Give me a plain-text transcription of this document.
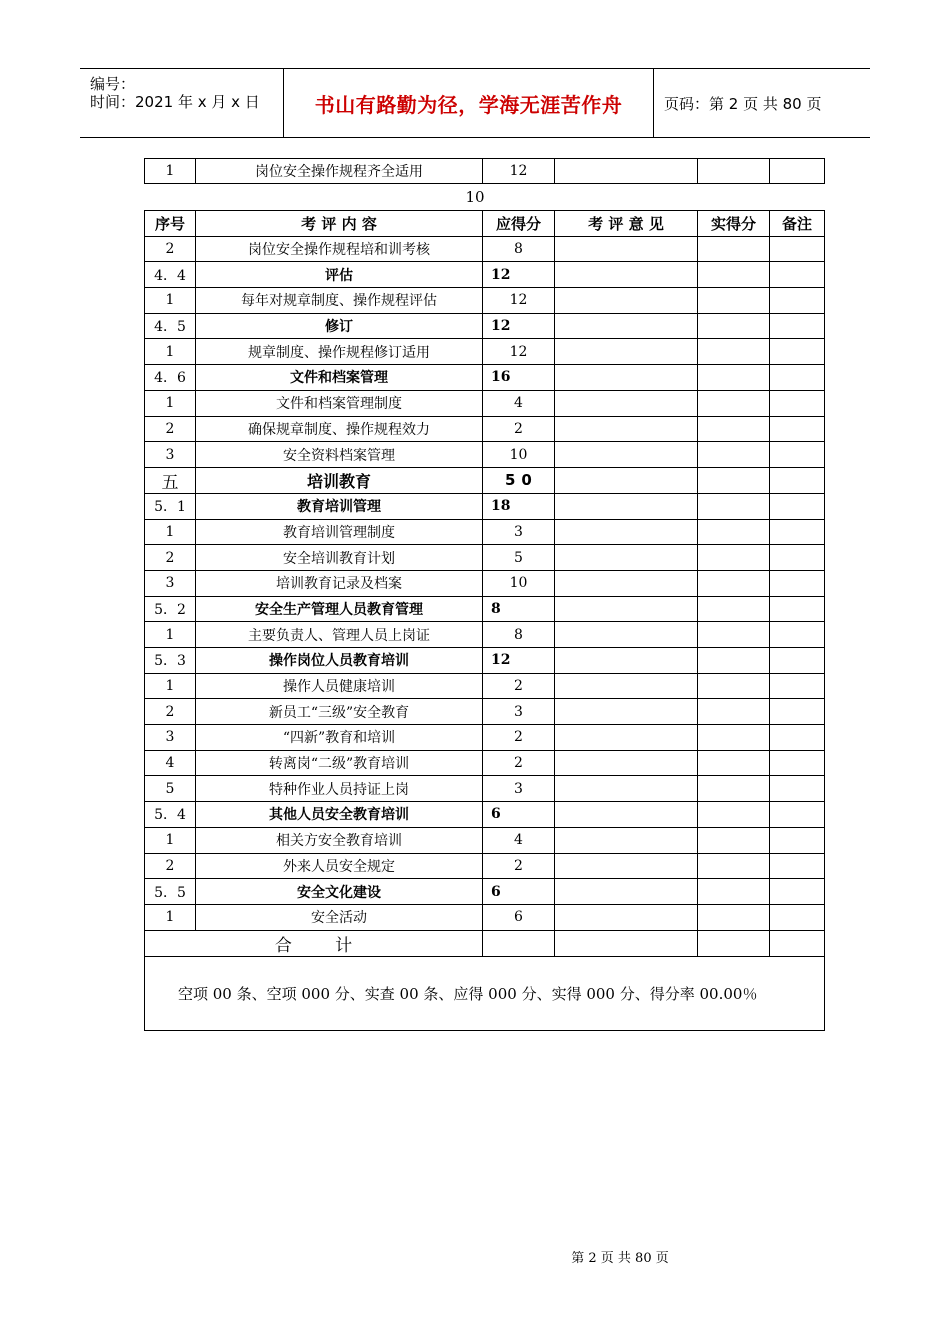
编号：
时间：2021 年 x 月 x 日	书山有路勤为径，学海无涯苦作舟	页码：第 2 页 共 80 页
1	岗位安全操作规程齐全适用	12			
10
序号	考 评 内 容	应得分	考 评 意 见	实得分	备注
2	岗位安全操作规程培和训考核	8			
4．4	评估	12			
1	每年对规章制度、操作规程评估	12			
4．5	修订	12			
1	规章制度、操作规程修订适用	12			
4．6	文件和档案管理	16			
1	文件和档案管理制度	4			
2	确保规章制度、操作规程效力	2			
3	安全资料档案管理	10			
五	培训教育	50			
5．1	教育培训管理	18			
1	教育培训管理制度	3			
2	安全培训教育计划	5			
3	培训教育记录及档案	10			
5．2	安全生产管理人员教育管理	8			
1	主要负责人、管理人员上岗证	8			
5．3	操作岗位人员教育培训	12			
1	操作人员健康培训	2			
2	新员工“三级”安全教育	3			
3	“四新”教育和培训	2			
4	转离岗“二级”教育培训	2			
5	特种作业人员持证上岗	3			
5．4	其他人员安全教育培训	6			
1	相关方安全教育培训	4			
2	外来人员安全规定	2			
5．5	安全文化建设	6			
1	安全活动	6			
合        计					
空项 00 条、空项 000 分、实查 00 条、应得 000 分、实得 000 分、得分率 00.00％					
第 2 页 共 80 页
